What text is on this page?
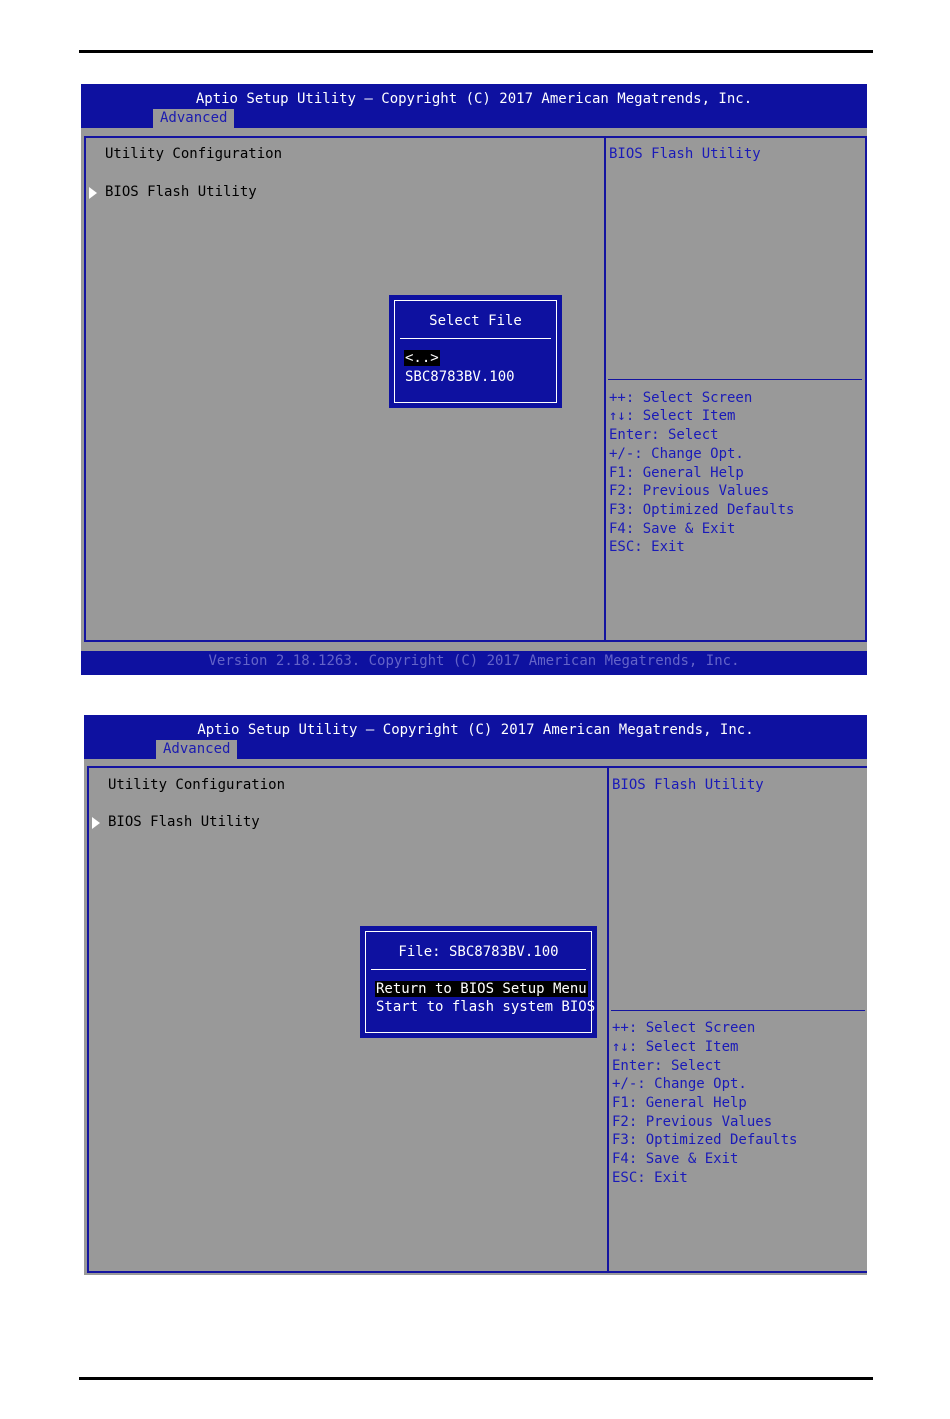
Aptio Setup Utility – Copyright (C) 2017 American Megatrends, Inc.
Advanced
Utility Configuration
BIOS Flash Utility
BIOS Flash Utility
++: Select Screen
↑↓: Select Item
Enter: Select
+/-: Change Opt.
F1: General Help
F2: Previous Values
F3: Optimized Defaults
F4: Save & Exit
ESC: Exit
Select File
<..>
SBC8783BV.100
Version 2.18.1263. Copyright (C) 2017 American Megatrends, Inc.
Aptio Setup Utility – Copyright (C) 2017 American Megatrends, Inc.
Advanced
Utility Configuration
BIOS Flash Utility
BIOS Flash Utility
++: Select Screen
↑↓: Select Item
Enter: Select
+/-: Change Opt.
F1: General Help
F2: Previous Values
F3: Optimized Defaults
F4: Save & Exit
ESC: Exit
File: SBC8783BV.100
Return to BIOS Setup Menu
Start to flash system BIOS
